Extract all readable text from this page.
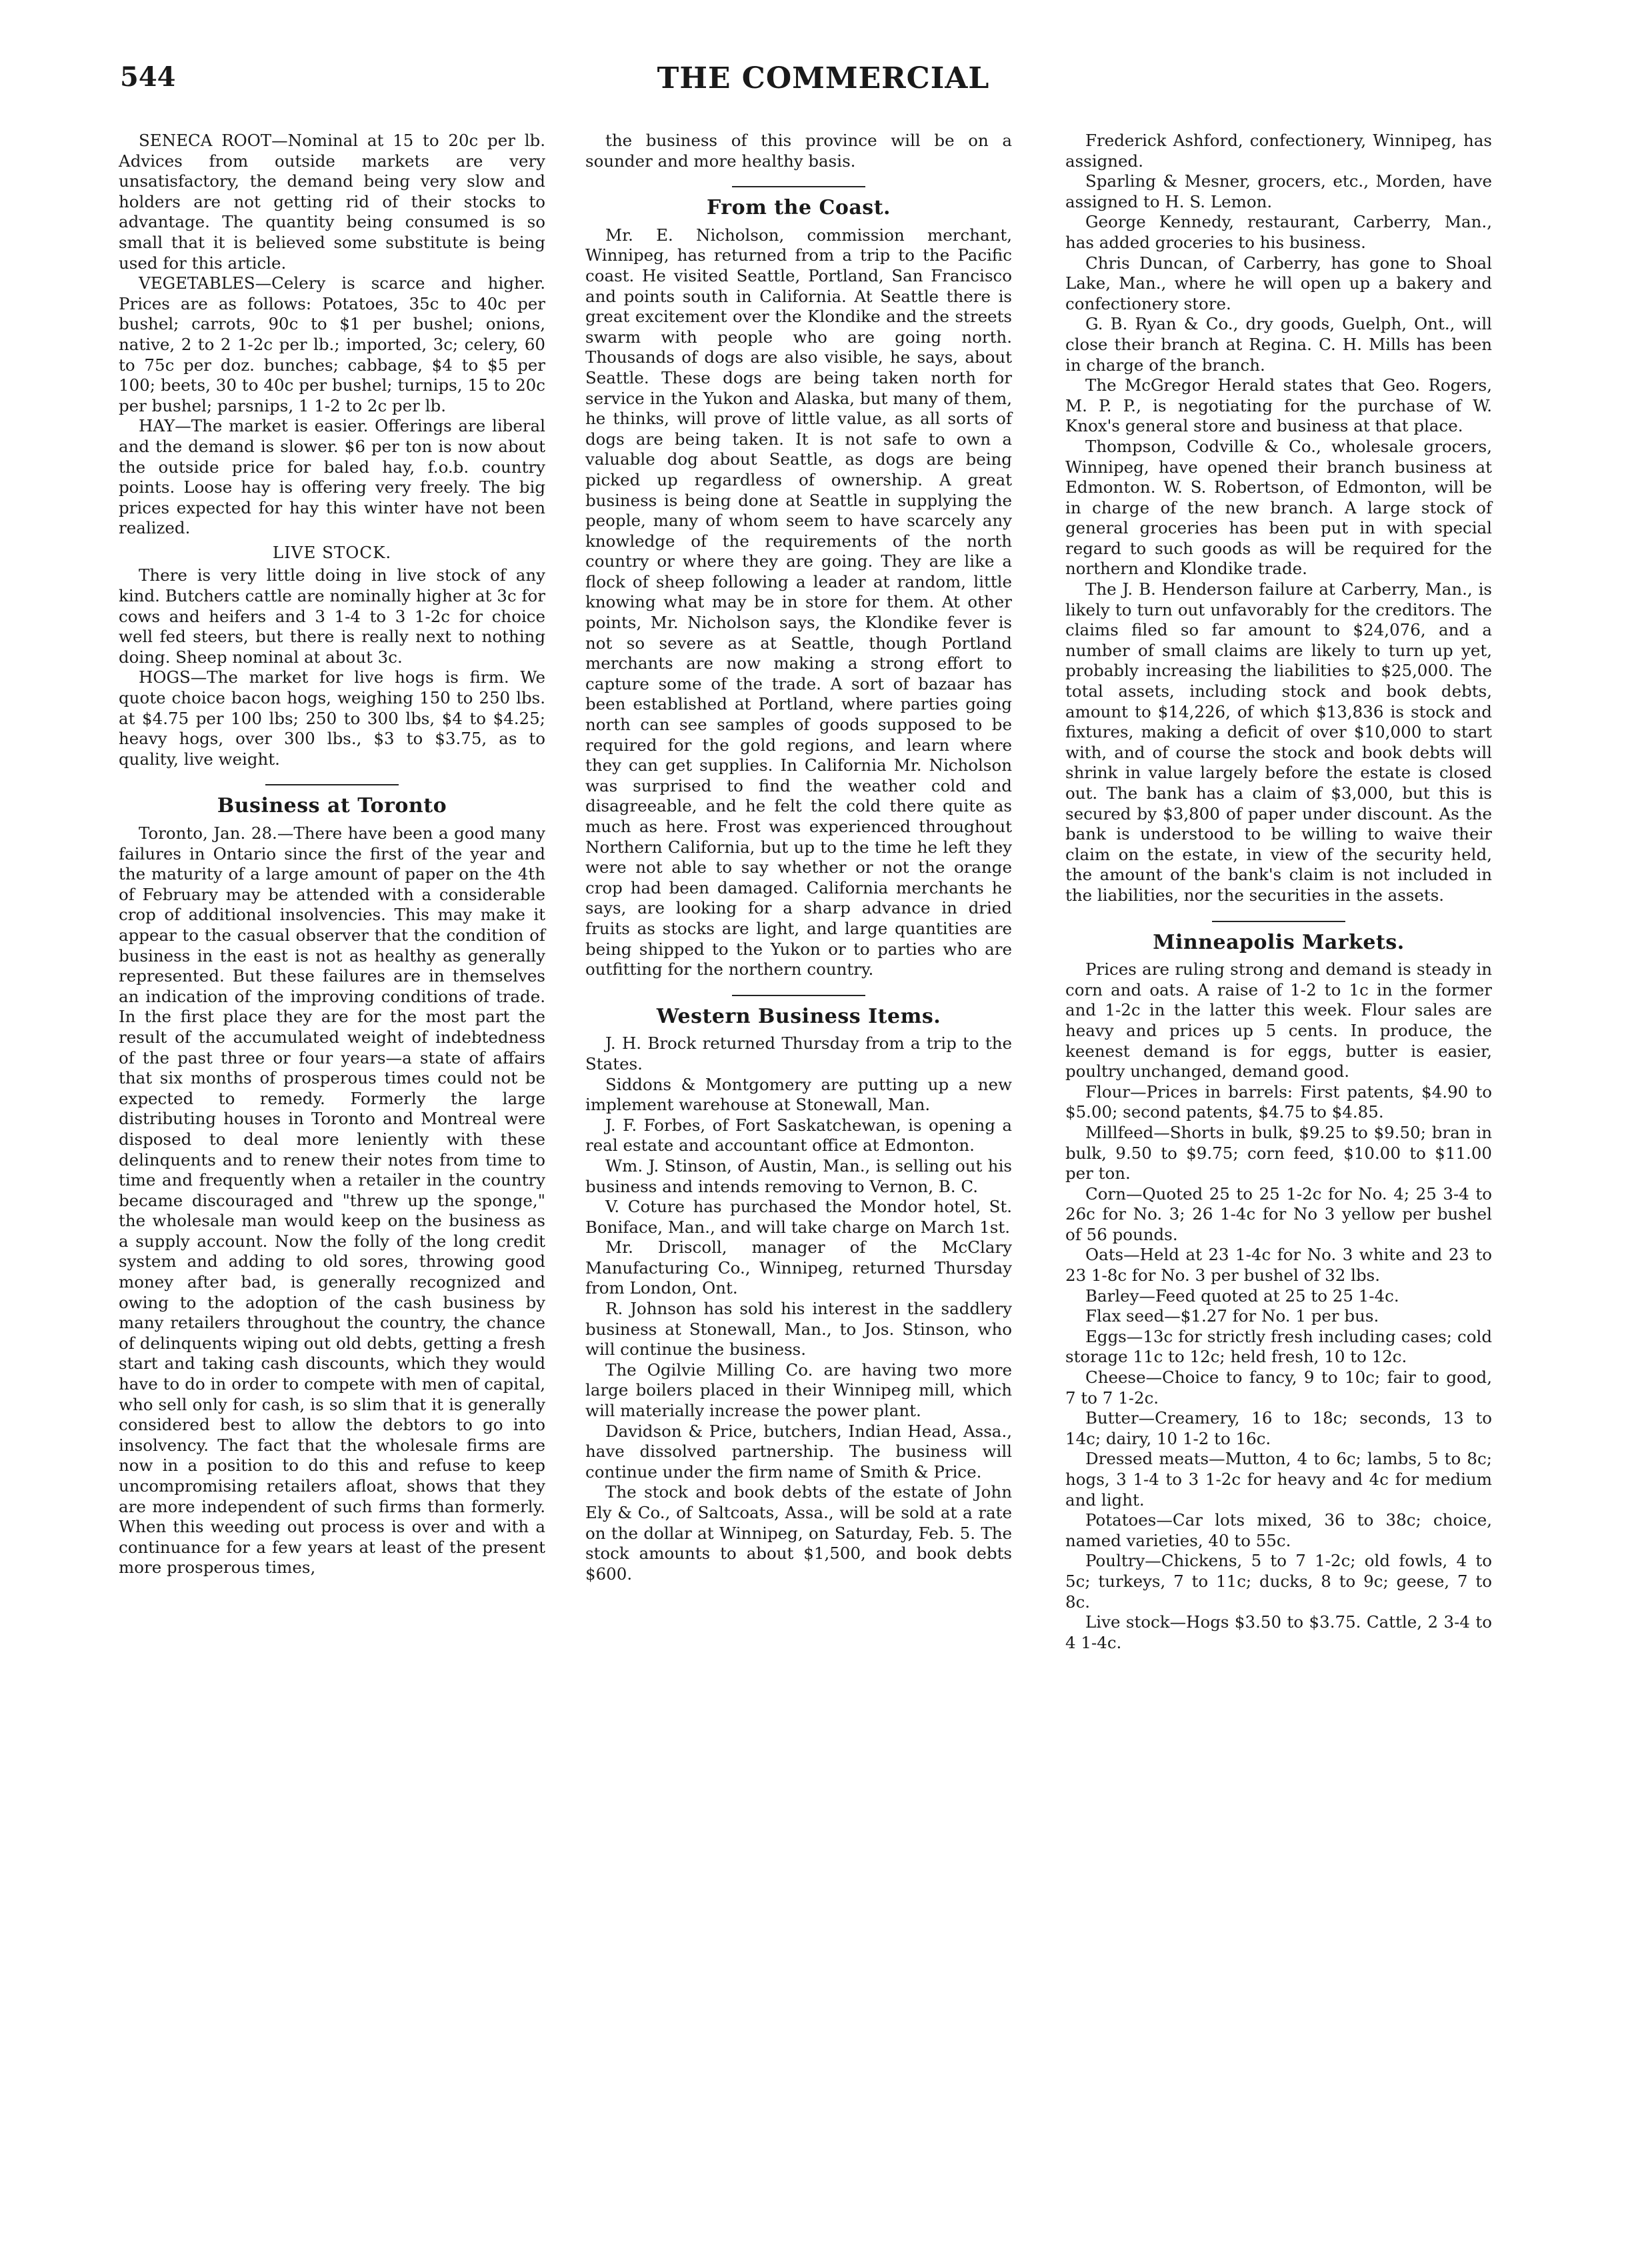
544	THE COMMERCIAL

SENECA ROOT—Nominal at 15 to 20c per lb. Advices from outside markets are very unsatisfactory, the demand being very slow and holders are not getting rid of their stocks to advantage. The quantity being consumed is so small that it is believed some substitute is being used for this article.

VEGETABLES—Celery is scarce and higher. Prices are as follows: Potatoes, 35c to 40c per bushel; carrots, 90c to $1 per bushel; onions, native, 2 to 2 1-2c per lb.; imported, 3c; celery, 60 to 75c per doz. bunches; cabbage, $4 to $5 per 100; beets, 30 to 40c per bushel; turnips, 15 to 20c per bushel; parsnips, 1 1-2 to 2c per lb.

HAY—The market is easier. Offerings are liberal and the demand is slower. $6 per ton is now about the outside price for baled hay, f.o.b. country points. Loose hay is offering very freely. The big prices expected for hay this winter have not been realized.

LIVE STOCK.

There is very little doing in live stock of any kind. Butchers cattle are nominally higher at 3c for cows and heifers and 3 1-4 to 3 1-2c for choice well fed steers, but there is really next to nothing doing. Sheep nominal at about 3c.

HOGS—The market for live hogs is firm. We quote choice bacon hogs, weighing 150 to 250 lbs. at $4.75 per 100 lbs; 250 to 300 lbs, $4 to $4.25; heavy hogs, over 300 lbs., $3 to $3.75, as to quality, live weight.

Business at Toronto

Toronto, Jan. 28.—There have been a good many failures in Ontario since the first of the year and the maturity of a large amount of paper on the 4th of February may be attended with a considerable crop of additional insolvencies. This may make it appear to the casual observer that the condition of business in the east is not as healthy as generally represented. But these failures are in themselves an indication of the improving conditions of trade. In the first place they are for the most part the result of the accumulated weight of indebtedness of the past three or four years—a state of affairs that six months of prosperous times could not be expected to remedy. Formerly the large distributing houses in Toronto and Montreal were disposed to deal more leniently with these delinquents and to renew their notes from time to time and frequently when a retailer in the country became discouraged and "threw up the sponge," the wholesale man would keep on the business as a supply account. Now the folly of the long credit system and adding to old sores, throwing good money after bad, is generally recognized and owing to the adoption of the cash business by many retailers throughout the country, the chance of delinquents wiping out old debts, getting a fresh start and taking cash discounts, which they would have to do in order to compete with men of capital, who sell only for cash, is so slim that it is generally considered best to allow the debtors to go into insolvency. The fact that the wholesale firms are now in a position to do this and refuse to keep uncompromising retailers afloat, shows that they are more independent of such firms than formerly. When this weeding out process is over and with a continuance for a few years at least of the present more prosperous times,

the business of this province will be on a sounder and more healthy basis.

From the Coast.

Mr. E. Nicholson, commission merchant, Winnipeg, has returned from a trip to the Pacific coast. He visited Seattle, Portland, San Francisco and points south in California. At Seattle there is great excitement over the Klondike and the streets swarm with people who are going north. Thousands of dogs are also visible, he says, about Seattle. These dogs are being taken north for service in the Yukon and Alaska, but many of them, he thinks, will prove of little value, as all sorts of dogs are being taken. It is not safe to own a valuable dog about Seattle, as dogs are being picked up regardless of ownership. A great business is being done at Seattle in supplying the people, many of whom seem to have scarcely any knowledge of the requirements of the north country or where they are going. They are like a flock of sheep following a leader at random, little knowing what may be in store for them. At other points, Mr. Nicholson says, the Klondike fever is not so severe as at Seattle, though Portland merchants are now making a strong effort to capture some of the trade. A sort of bazaar has been established at Portland, where parties going north can see samples of goods supposed to be required for the gold regions, and learn where they can get supplies. In California Mr. Nicholson was surprised to find the weather cold and disagreeable, and he felt the cold there quite as much as here. Frost was experienced throughout Northern California, but up to the time he left they were not able to say whether or not the orange crop had been damaged. California merchants he says, are looking for a sharp advance in dried fruits as stocks are light, and large quantities are being shipped to the Yukon or to parties who are outfitting for the northern country.

Western Business Items.

J. H. Brock returned Thursday from a trip to the States.

Siddons & Montgomery are putting up a new implement warehouse at Stonewall, Man.

J. F. Forbes, of Fort Saskatchewan, is opening a real estate and accountant office at Edmonton.

Wm. J. Stinson, of Austin, Man., is selling out his business and intends removing to Vernon, B. C.

V. Coture has purchased the Mondor hotel, St. Boniface, Man., and will take charge on March 1st.

Mr. Driscoll, manager of the McClary Manufacturing Co., Winnipeg, returned Thursday from London, Ont.

R. Johnson has sold his interest in the saddlery business at Stonewall, Man., to Jos. Stinson, who will continue the business.

The Ogilvie Milling Co. are having two more large boilers placed in their Winnipeg mill, which will materially increase the power plant.

Davidson & Price, butchers, Indian Head, Assa., have dissolved partnership. The business will continue under the firm name of Smith & Price.

The stock and book debts of the estate of John Ely & Co., of Saltcoats, Assa., will be sold at a rate on the dollar at Winnipeg, on Saturday, Feb. 5. The stock amounts to about $1,500, and book debts $600.

Frederick Ashford, confectionery, Winnipeg, has assigned.

Sparling & Mesner, grocers, etc., Morden, have assigned to H. S. Lemon.

George Kennedy, restaurant, Carberry, Man., has added groceries to his business.

Chris Duncan, of Carberry, has gone to Shoal Lake, Man., where he will open up a bakery and confectionery store.

G. B. Ryan & Co., dry goods, Guelph, Ont., will close their branch at Regina. C. H. Mills has been in charge of the branch.

The McGregor Herald states that Geo. Rogers, M. P. P., is negotiating for the purchase of W. Knox's general store and business at that place.

Thompson, Codville & Co., wholesale grocers, Winnipeg, have opened their branch business at Edmonton. W. S. Robertson, of Edmonton, will be in charge of the new branch. A large stock of general groceries has been put in with special regard to such goods as will be required for the northern and Klondike trade.

The J. B. Henderson failure at Carberry, Man., is likely to turn out unfavorably for the creditors. The claims filed so far amount to $24,076, and a number of small claims are likely to turn up yet, probably increasing the liabilities to $25,000. The total assets, including stock and book debts, amount to $14,226, of which $13,836 is stock and fixtures, making a deficit of over $10,000 to start with, and of course the stock and book debts will shrink in value largely before the estate is closed out. The bank has a claim of $3,000, but this is secured by $3,800 of paper under discount. As the bank is understood to be willing to waive their claim on the estate, in view of the security held, the amount of the bank's claim is not included in the liabilities, nor the securities in the assets.

Minneapolis Markets.

Prices are ruling strong and demand is steady in corn and oats. A raise of 1-2 to 1c in the former and 1-2c in the latter this week. Flour sales are heavy and prices up 5 cents. In produce, the keenest demand is for eggs, butter is easier, poultry unchanged, demand good.

Flour—Prices in barrels: First patents, $4.90 to $5.00; second patents, $4.75 to $4.85.

Millfeed—Shorts in bulk, $9.25 to $9.50; bran in bulk, 9.50 to $9.75; corn feed, $10.00 to $11.00 per ton.

Corn—Quoted 25 to 25 1-2c for No. 4; 25 3-4 to 26c for No. 3; 26 1-4c for No 3 yellow per bushel of 56 pounds.

Oats—Held at 23 1-4c for No. 3 white and 23 to 23 1-8c for No. 3 per bushel of 32 lbs.

Barley—Feed quoted at 25 to 25 1-4c.

Flax seed—$1.27 for No. 1 per bus.

Eggs—13c for strictly fresh including cases; cold storage 11c to 12c; held fresh, 10 to 12c.

Cheese—Choice to fancy, 9 to 10c; fair to good, 7 to 7 1-2c.

Butter—Creamery, 16 to 18c; seconds, 13 to 14c; dairy, 10 1-2 to 16c.

Dressed meats—Mutton, 4 to 6c; lambs, 5 to 8c; hogs, 3 1-4 to 3 1-2c for heavy and 4c for medium and light.

Potatoes—Car lots mixed, 36 to 38c; choice, named varieties, 40 to 55c.

Poultry—Chickens, 5 to 7 1-2c; old fowls, 4 to 5c; turkeys, 7 to 11c; ducks, 8 to 9c; geese, 7 to 8c.

Live stock—Hogs $3.50 to $3.75. Cattle, 2 3-4 to 4 1-4c.
